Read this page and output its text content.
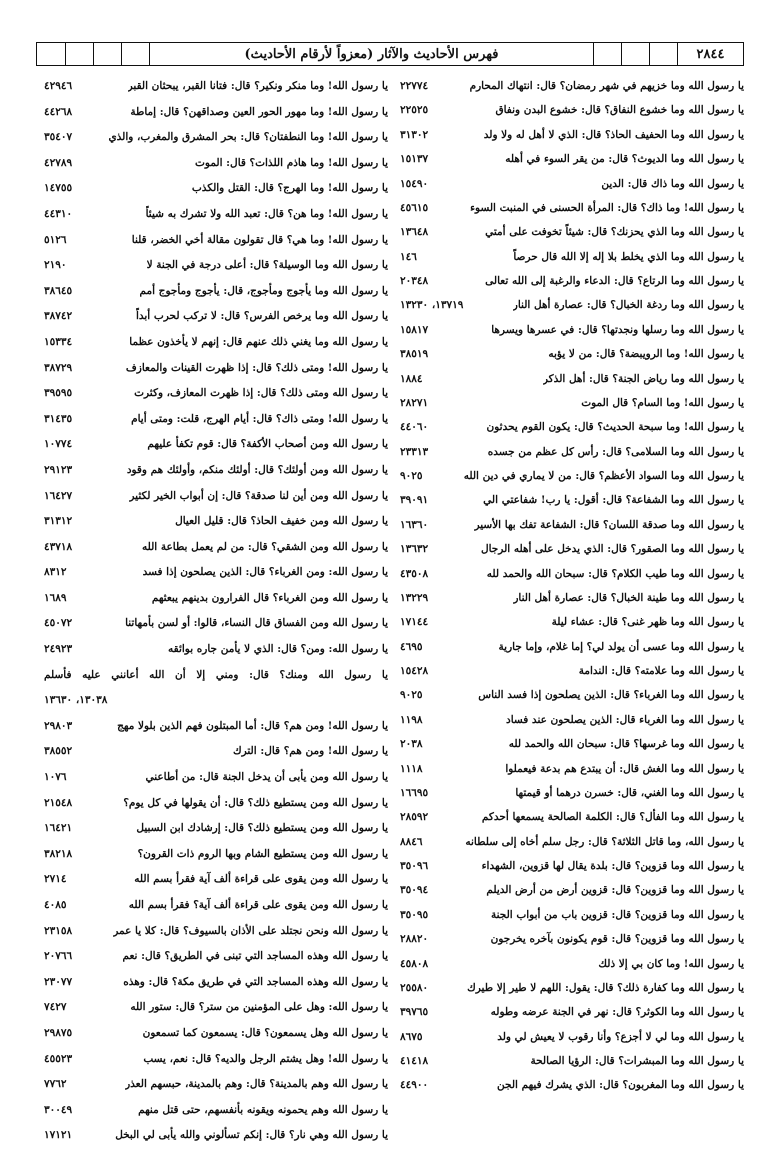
فهرس الأحاديث والآثار (معزواً لأرقام الأحاديث)	٢٨٤٤
يا رسول الله وما خزيهم في شهر رمضان؟ قال: انتهاك المحارم
٢٢٧٧٤
يا رسول الله وما خشوع النفاق؟ قال: خشوع البدن ونفاق
٢٢٥٢٥
يا رسول الله وما الحفيف الحاذ؟ قال: الذي لا أهل له ولا ولد
٣١٣٠٢
يا رسول الله وما الديوث؟ قال: من يقر السوء في أهله
١٥١٣٧
يا رسول الله وما ذاك قال: الدين
١٥٤٩٠
يا رسول الله! وما ذاك؟ قال: المرأة الحسنى في المنبت السوء
٤٥٦١٥
يا رسول الله وما الذي يحزنك؟ قال: شيئاً تخوفت على أمتي
١٣٦٤٨
يا رسول الله وما الذي يخلط بلا إله إلا الله قال حرصاً
١٤٦
يا رسول الله وما الرتاع؟ قال: الدعاء والرغبة إلى الله تعالى
٢٠٣٤٨
يا رسول الله وما ردغة الخبال؟ قال: عصارة أهل النار
١٣٧١٩، ١٣٢٣٠
يا رسول الله وما رسلها ونجدتها؟ قال: في عسرها ويسرها
١٥٨١٧
يا رسول الله! وما الرويبضة؟ قال: من لا يؤبه
٣٨٥١٩
يا رسول الله وما رياض الجنة؟ قال: أهل الذكر
١٨٨٤
يا رسول الله! وما السام؟ قال الموت
٢٨٢٧١
يا رسول الله! وما سبحة الحديث؟ قال: يكون القوم يحدثون
٤٤٠٦٠
يا رسول الله وما السلامى؟ قال: رأس كل عظم من جسده
٢٣٣١٣
يا رسول الله وما السواد الأعظم؟ قال: من لا يماري في دين الله
٩٠٢٥
يا رسول الله وما الشفاعة؟ قال: أقول: يا رب! شفاعتي الي
٣٩٠٩١
يا رسول الله وما صدقة اللسان؟ قال: الشفاعة تفك بها الأسير
١٦٣٦٠
يا رسول الله وما الصقور؟ قال: الذي يدخل على أهله الرجال
١٣٦٣٢
يا رسول الله وما طيب الكلام؟ قال: سبحان الله والحمد لله
٤٣٥٠٨
يا رسول الله وما طينة الخبال؟ قال: عصارة أهل النار
١٣٢٢٩
يا رسول الله وما ظهر غنى؟ قال: عشاء ليلة
١٧١٤٤
يا رسول الله وما عسى أن يولد لي؟ إما غلام، وإما جارية
٤٦٩٥
يا رسول الله وما علامته؟ قال: الندامة
١٥٤٢٨
يا رسول الله وما الغرباء؟ قال: الذين يصلحون إذا فسد الناس
٩٠٢٥
يا رسول الله وما الغرباء قال: الذين يصلحون عند فساد
١١٩٨
يا رسول الله وما غرسها؟ قال: سبحان الله والحمد لله
٢٠٣٨
يا رسول الله وما الغش قال: أن يبتدع هم بدعة فيعملوا
١١١٨
يا رسول الله وما الغني، قال: خسرن درهما أو قيمتها
١٦٦٩٥
يا رسول الله وما الفأل؟ قال: الكلمة الصالحة يسمعها أحدكم
٢٨٥٩٢
يا رسول الله، وما قاتل الثلاثة؟ قال: رجل سلم أخاه إلى سلطانه
٨٨٤٦
يا رسول الله وما قزوين؟ قال: بلدة يقال لها قزوين، الشهداء
٣٥٠٩٦
يا رسول الله وما قزوين؟ قال: قزوين أرض من أرض الديلم
٣٥٠٩٤
يا رسول الله وما قزوين؟ قال: قزوين باب من أبواب الجنة
٣٥٠٩٥
يا رسول الله وما قزوين؟ قال: قوم يكونون بآخره يخرجون
٢٨٨٢٠
يا رسول الله! وما كان بي إلا ذلك
٤٥٨٠٨
يا رسول الله وما كفارة ذلك؟ قال: يقول: اللهم لا طير إلا طيرك
٢٥٥٨٠
يا رسول الله وما الكوثر؟ قال: نهر في الجنة عرضه وطوله
٣٩٧٦٥
يا رسول الله وما لي لا أجزع؟ وأنا رقوب لا يعيش لي ولد
٨٦٧٥
يا رسول الله وما المبشرات؟ قال: الرؤيا الصالحة
٤١٤١٨
يا رسول الله وما المغربون؟ قال: الذي يشرك فيهم الجن
٤٤٩٠٠
يا رسول الله! وما منكر ونكير؟ قال: فتانا القبر، يبحثان القبر
٤٢٩٤٦
يا رسول الله! وما مهور الحور العين وصداقهن؟ قال: إماطة
٤٤٢٦٨
يا رسول الله! وما النطفتان؟ قال: بحر المشرق والمغرب، والذي
٣٥٤٠٧
يا رسول الله! وما هاذم اللذات؟ قال: الموت
٤٢٧٨٩
يا رسول الله! وما الهرج؟ قال: القتل والكذب
١٤٧٥٥
يا رسول الله! وما هن؟ قال: تعبد الله ولا تشرك به شيئاً
٤٤٣١٠
يا رسول الله! وما هي؟ قال تقولون مقالة أخي الخضر، قلنا
٥١٢٦
يا رسول الله وما الوسيلة؟ قال: أعلى درجة في الجنة لا
٢١٩٠
يا رسول الله وما يأجوج ومأجوج، قال: يأجوج ومأجوج أمم
٣٨٦٤٥
يا رسول الله وما يرخص الفرس؟ قال: لا تركب لحرب أبداً
٣٨٧٤٢
يا رسول الله وما يغني ذلك عنهم قال: إنهم لا يأخذون عظما
١٥٣٣٤
يا رسول الله! ومتى ذلك؟ قال: إذا ظهرت القينات والمعازف
٣٨٧٢٩
يا رسول الله ومتى ذلك؟ قال: إذا ظهرت المعازف، وكثرت
٣٩٥٩٥
يا رسول الله! ومتى ذاك؟ قال: أيام الهرج، قلت: ومتى أيام
٣١٤٣٥
يا رسول الله ومن أصحاب الأكفة؟ قال: قوم تكفأ عليهم
١٠٧٧٤
يا رسول الله ومن أولئك؟ قال: أولئك منكم، وأولئك هم وقود
٢٩١٢٣
يا رسول الله ومن أين لنا صدقة؟ قال: إن أبواب الخير لكثير
١٦٤٢٧
يا رسول الله ومن خفيف الحاذ؟ قال: قليل العيال
٣١٣١٢
يا رسول الله ومن الشقي؟ قال: من لم يعمل بطاعة الله
٤٣٧١٨
يا رسول الله: ومن الغرباء؟ قال: الذين يصلحون إذا فسد
٨٣١٢
يا رسول الله ومن الغرباء؟ قال الفرارون بدينهم يبعثهم
١٦٨٩
يا رسول الله ومن الفساق قال النساء، قالوا: أو لسن بأمهاتنا
٤٥٠٧٢
يا رسول الله: ومن؟ قال: الذي لا يأمن جاره بوائقه
٢٤٩٢٣
يا رسول الله ومنك؟ قال: ومني إلا أن الله أعانني عليه فأسلم
١٣٠٣٨، ١٣٦٣٠
يا رسول الله! ومن هم؟ قال: أما المبتلون فهم الذين بلولا مهج
٢٩٨٠٣
يا رسول الله! ومن هم؟ قال: الترك
٣٨٥٥٢
يا رسول الله ومن يأبى أن يدخل الجنة قال: من أطاعني
١٠٧٦
يا رسول الله ومن يستطيع ذلك؟ قال: أن يقولها في كل يوم؟
٢١٥٤٨
يا رسول الله ومن يستطيع ذلك؟ قال: إرشادك ابن السبيل
١٦٤٢١
يا رسول الله ومن يستطيع الشام وبها الروم ذات القرون؟
٣٨٢١٨
يا رسول الله ومن يقوى على قراءة ألف آية فقرأ بسم الله
٢٧١٤
يا رسول الله ومن يقوى على قراءة ألف آية؟ فقرأ بسم الله
٤٠٨٥
يا رسول الله ونحن نجتلد على الأذان بالسيوف؟ قال: كلا يا عمر
٢٣١٥٨
يا رسول الله وهذه المساجد التي تبنى في الطريق؟ قال: نعم
٢٠٧٦٦
يا رسول الله وهذه المساجد التي في طريق مكة؟ قال: وهذه
٢٣٠٧٧
يا رسول الله: وهل على المؤمنين من ستر؟ قال: ستور الله
٧٤٢٧
يا رسول الله وهل يسمعون؟ قال: يسمعون كما تسمعون
٢٩٨٧٥
يا رسول الله! وهل يشتم الرجل والديه؟ قال: نعم، يسب
٤٥٥٢٣
يا رسول الله وهم بالمدينة؟ قال: وهم بالمدينة، حبسهم العذر
٧٧٦٢
يا رسول الله وهم يحمونه ويقونه بأنفسهم، حتى قتل منهم
٣٠٠٤٩
يا رسول الله وهي نار؟ قال: إنكم تسألوني والله يأبى لي البخل
١٧١٢١
